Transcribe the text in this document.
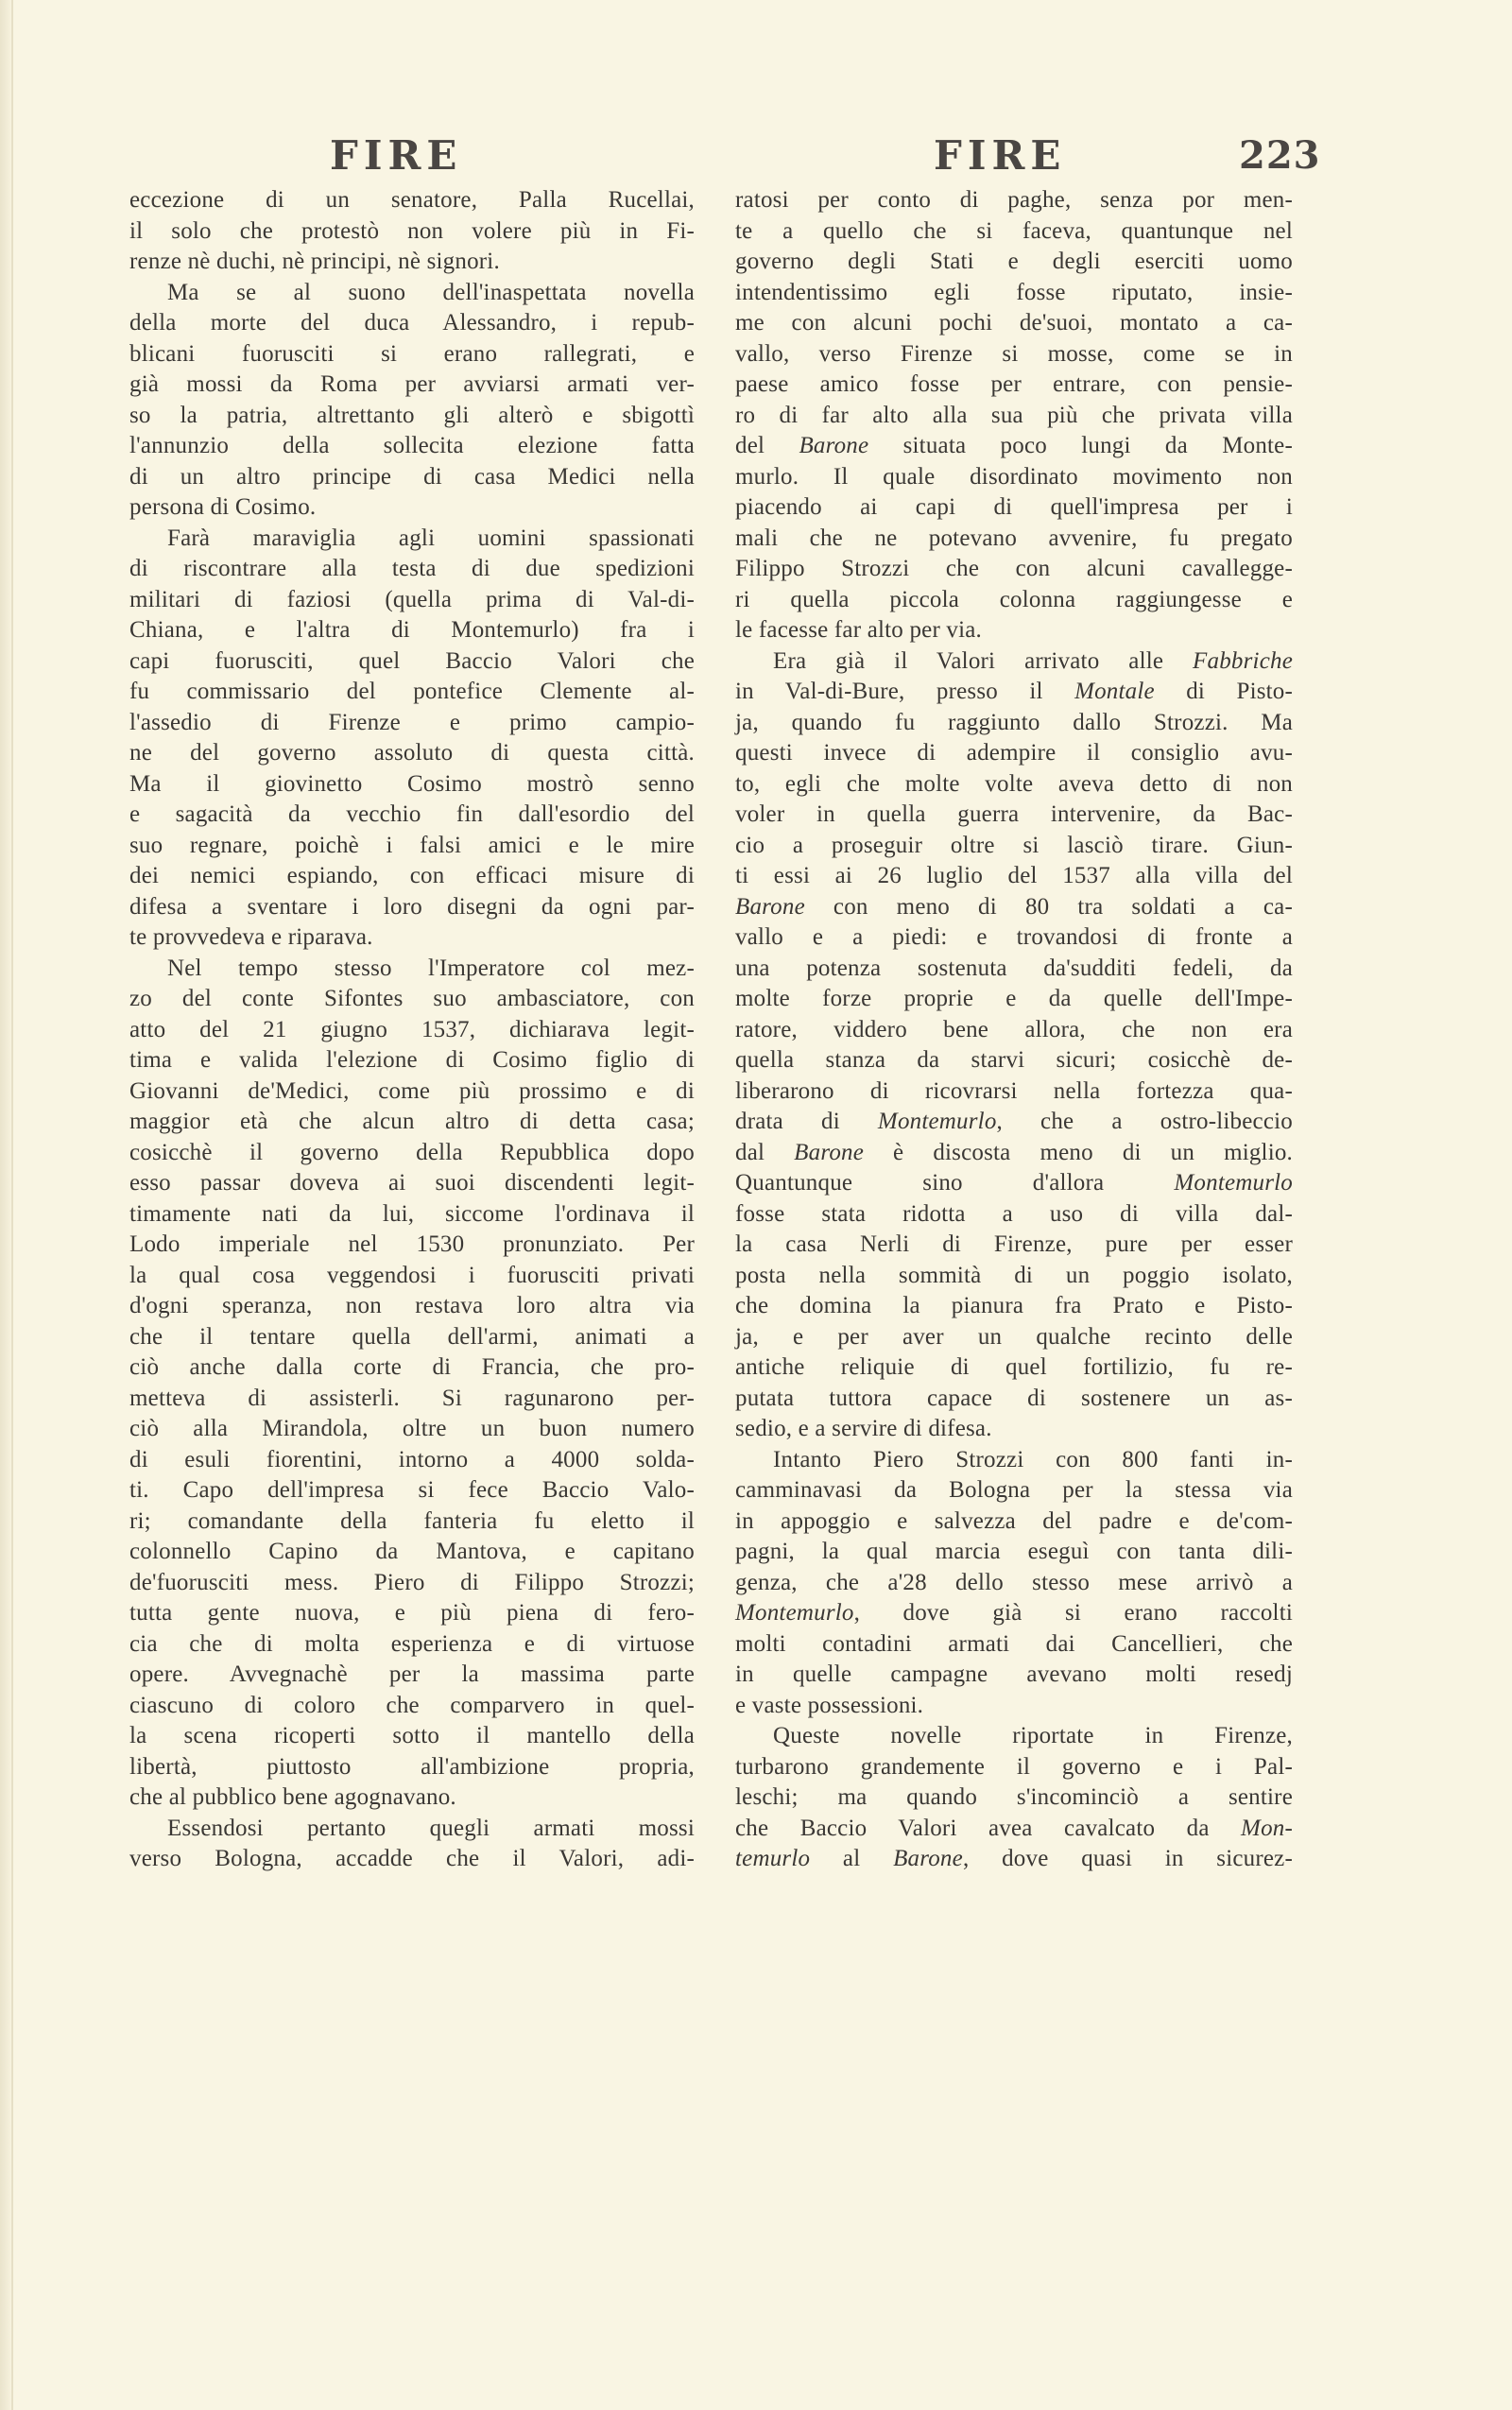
FIRE	FIRE	223
eccezione di un senatore, Palla Rucellai,
il solo che protestò non volere più in Fi-
renze nè duchi, nè principi, nè signori.
Ma se al suono dell'inaspettata novella
della morte del duca Alessandro, i repub-
blicani fuorusciti si erano rallegrati, e
già mossi da Roma per avviarsi armati ver-
so la patria, altrettanto gli alterò e sbigottì
l'annunzio della sollecita elezione fatta
di un altro principe di casa Medici nella
persona di Cosimo.
Farà maraviglia agli uomini spassionati
di riscontrare alla testa di due spedizioni
militari di faziosi (quella prima di Val-di-
Chiana, e l'altra di Montemurlo) fra i
capi fuorusciti, quel Baccio Valori che
fu commissario del pontefice Clemente al-
l'assedio di Firenze e primo campio-
ne del governo assoluto di questa città.
Ma il giovinetto Cosimo mostrò senno
e sagacità da vecchio fin dall'esordio del
suo regnare, poichè i falsi amici e le mire
dei nemici espiando, con efficaci misure di
difesa a sventare i loro disegni da ogni par-
te provvedeva e riparava.
Nel tempo stesso l'Imperatore col mez-
zo del conte Sifontes suo ambasciatore, con
atto del 21 giugno 1537, dichiarava legit-
tima e valida l'elezione di Cosimo figlio di
Giovanni de'Medici, come più prossimo e di
maggior età che alcun altro di detta casa;
cosicchè il governo della Repubblica dopo
esso passar doveva ai suoi discendenti legit-
timamente nati da lui, siccome l'ordinava il
Lodo imperiale nel 1530 pronunziato. Per
la qual cosa veggendosi i fuorusciti privati
d'ogni speranza, non restava loro altra via
che il tentare quella dell'armi, animati a
ciò anche dalla corte di Francia, che pro-
metteva di assisterli. Si ragunarono per-
ciò alla Mirandola, oltre un buon numero
di esuli fiorentini, intorno a 4000 solda-
ti. Capo dell'impresa si fece Baccio Valo-
ri; comandante della fanteria fu eletto il
colonnello Capino da Mantova, e capitano
de'fuorusciti mess. Piero di Filippo Strozzi;
tutta gente nuova, e più piena di fero-
cia che di molta esperienza e di virtuose
opere. Avvegnachè per la massima parte
ciascuno di coloro che comparvero in quel-
la scena ricoperti sotto il mantello della
libertà, piuttosto all'ambizione propria,
che al pubblico bene agognavano.
Essendosi pertanto quegli armati mossi
verso Bologna, accadde che il Valori, adi-
ratosi per conto di paghe, senza por men-
te a quello che si faceva, quantunque nel
governo degli Stati e degli eserciti uomo
intendentissimo egli fosse riputato, insie-
me con alcuni pochi de'suoi, montato a ca-
vallo, verso Firenze si mosse, come se in
paese amico fosse per entrare, con pensie-
ro di far alto alla sua più che privata villa
del Barone situata poco lungi da Monte-
murlo. Il quale disordinato movimento non
piacendo ai capi di quell'impresa per i
mali che ne potevano avvenire, fu pregato
Filippo Strozzi che con alcuni cavallegge-
ri quella piccola colonna raggiungesse e
le facesse far alto per via.
Era già il Valori arrivato alle Fabbriche
in Val-di-Bure, presso il Montale di Pisto-
ja, quando fu raggiunto dallo Strozzi. Ma
questi invece di adempire il consiglio avu-
to, egli che molte volte aveva detto di non
voler in quella guerra intervenire, da Bac-
cio a proseguir oltre si lasciò tirare. Giun-
ti essi ai 26 luglio del 1537 alla villa del
Barone con meno di 80 tra soldati a ca-
vallo e a piedi: e trovandosi di fronte a
una potenza sostenuta da'sudditi fedeli, da
molte forze proprie e da quelle dell'Impe-
ratore, viddero bene allora, che non era
quella stanza da starvi sicuri; cosicchè de-
liberarono di ricovrarsi nella fortezza qua-
drata di Montemurlo, che a ostro-libeccio
dal Barone è discosta meno di un miglio.
Quantunque sino d'allora Montemurlo
fosse stata ridotta a uso di villa dal-
la casa Nerli di Firenze, pure per esser
posta nella sommità di un poggio isolato,
che domina la pianura fra Prato e Pisto-
ja, e per aver un qualche recinto delle
antiche reliquie di quel fortilizio, fu re-
putata tuttora capace di sostenere un as-
sedio, e a servire di difesa.
Intanto Piero Strozzi con 800 fanti in-
camminavasi da Bologna per la stessa via
in appoggio e salvezza del padre e de'com-
pagni, la qual marcia eseguì con tanta dili-
genza, che a'28 dello stesso mese arrivò a
Montemurlo, dove già si erano raccolti
molti contadini armati dai Cancellieri, che
in quelle campagne avevano molti resedj
e vaste possessioni.
Queste novelle riportate in Firenze,
turbarono grandemente il governo e i Pal-
leschi; ma quando s'incominciò a sentire
che Baccio Valori avea cavalcato da Mon-
temurlo al Barone, dove quasi in sicurez-
